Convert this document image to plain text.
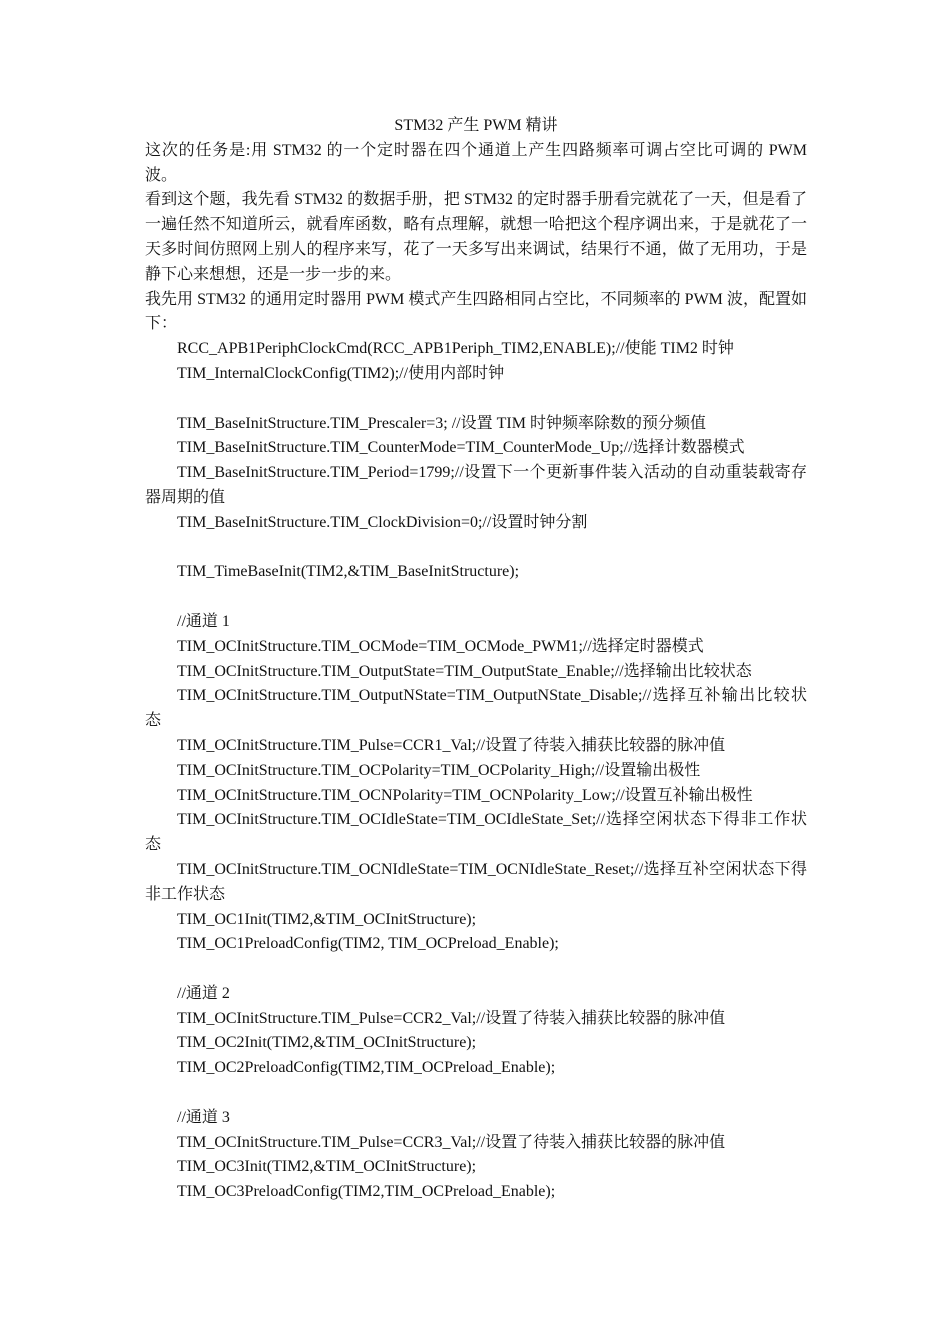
STM32 产生 PWM 精讲

这次的任务是:用 STM32 的一个定时器在四个通道上产生四路频率可调占空比可调的 PWM 波。

看到这个题，我先看 STM32 的数据手册，把 STM32 的定时器手册看完就花了一天，但是看了一遍任然不知道所云，就看库函数，略有点理解，就想一哈把这个程序调出来，于是就花了一天多时间仿照网上别人的程序来写，花了一天多写出来调试，结果行不通，做了无用功，于是静下心来想想，还是一步一步的来。

我先用 STM32 的通用定时器用 PWM 模式产生四路相同占空比，不同频率的 PWM 波，配置如下：

RCC_APB1PeriphClockCmd(RCC_APB1Periph_TIM2,ENABLE);//使能 TIM2 时钟

TIM_InternalClockConfig(TIM2);//使用内部时钟

TIM_BaseInitStructure.TIM_Prescaler=3; //设置 TIM 时钟频率除数的预分频值

TIM_BaseInitStructure.TIM_CounterMode=TIM_CounterMode_Up;//选择计数器模式

TIM_BaseInitStructure.TIM_Period=1799;//设置下一个更新事件装入活动的自动重装载寄存器周期的值

TIM_BaseInitStructure.TIM_ClockDivision=0;//设置时钟分割

TIM_TimeBaseInit(TIM2,&TIM_BaseInitStructure);

//通道 1

TIM_OCInitStructure.TIM_OCMode=TIM_OCMode_PWM1;//选择定时器模式

TIM_OCInitStructure.TIM_OutputState=TIM_OutputState_Enable;//选择输出比较状态

TIM_OCInitStructure.TIM_OutputNState=TIM_OutputNState_Disable;//选择互补输出比较状态

TIM_OCInitStructure.TIM_Pulse=CCR1_Val;//设置了待装入捕获比较器的脉冲值

TIM_OCInitStructure.TIM_OCPolarity=TIM_OCPolarity_High;//设置输出极性

TIM_OCInitStructure.TIM_OCNPolarity=TIM_OCNPolarity_Low;//设置互补输出极性

TIM_OCInitStructure.TIM_OCIdleState=TIM_OCIdleState_Set;//选择空闲状态下得非工作状态

TIM_OCInitStructure.TIM_OCNIdleState=TIM_OCNIdleState_Reset;//选择互补空闲状态下得非工作状态

TIM_OC1Init(TIM2,&TIM_OCInitStructure);

TIM_OC1PreloadConfig(TIM2, TIM_OCPreload_Enable);

//通道 2

TIM_OCInitStructure.TIM_Pulse=CCR2_Val;//设置了待装入捕获比较器的脉冲值

TIM_OC2Init(TIM2,&TIM_OCInitStructure);

TIM_OC2PreloadConfig(TIM2,TIM_OCPreload_Enable);

//通道 3

TIM_OCInitStructure.TIM_Pulse=CCR3_Val;//设置了待装入捕获比较器的脉冲值

TIM_OC3Init(TIM2,&TIM_OCInitStructure);

TIM_OC3PreloadConfig(TIM2,TIM_OCPreload_Enable);
